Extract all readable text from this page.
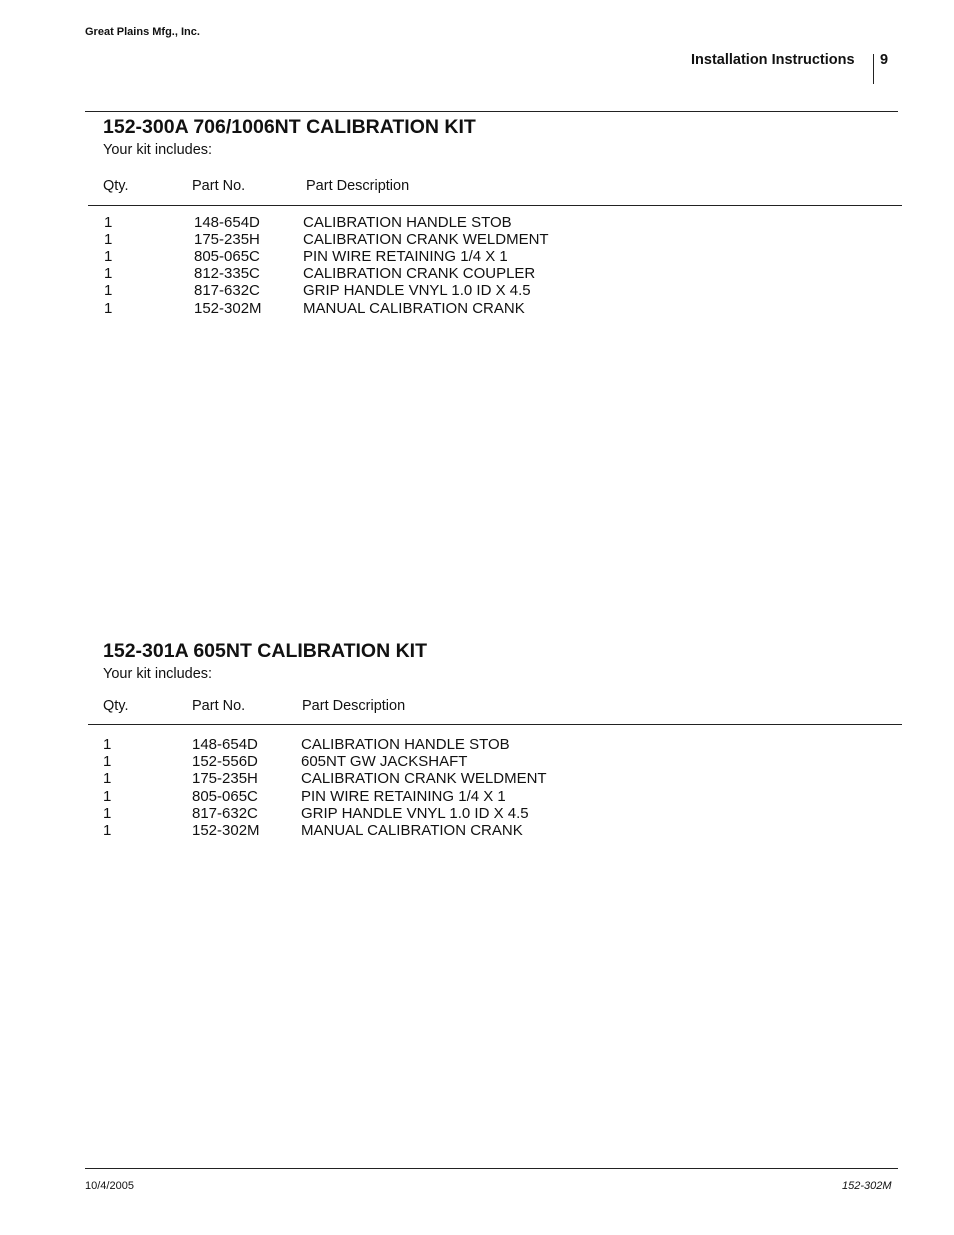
Great Plains Mfg., Inc.
Installation Instructions 9
152-300A 706/1006NT CALIBRATION KIT
Your kit includes:
Qty.	Part No.	Part Description
1	148-654D	CALIBRATION HANDLE STOB
1	175-235H	CALIBRATION CRANK WELDMENT
1	805-065C	PIN WIRE RETAINING 1/4 X 1
1	812-335C	CALIBRATION CRANK COUPLER
1	817-632C	GRIP HANDLE VNYL 1.0 ID X 4.5
1	152-302M	MANUAL CALIBRATION CRANK
152-301A 605NT CALIBRATION KIT
Your kit includes:
Qty.	Part No.	Part Description
1	148-654D	CALIBRATION HANDLE STOB
1	152-556D	605NT GW JACKSHAFT
1	175-235H	CALIBRATION CRANK WELDMENT
1	805-065C	PIN WIRE RETAINING 1/4 X 1
1	817-632C	GRIP HANDLE VNYL 1.0 ID X 4.5
1	152-302M	MANUAL CALIBRATION CRANK
10/4/2005	152-302M
